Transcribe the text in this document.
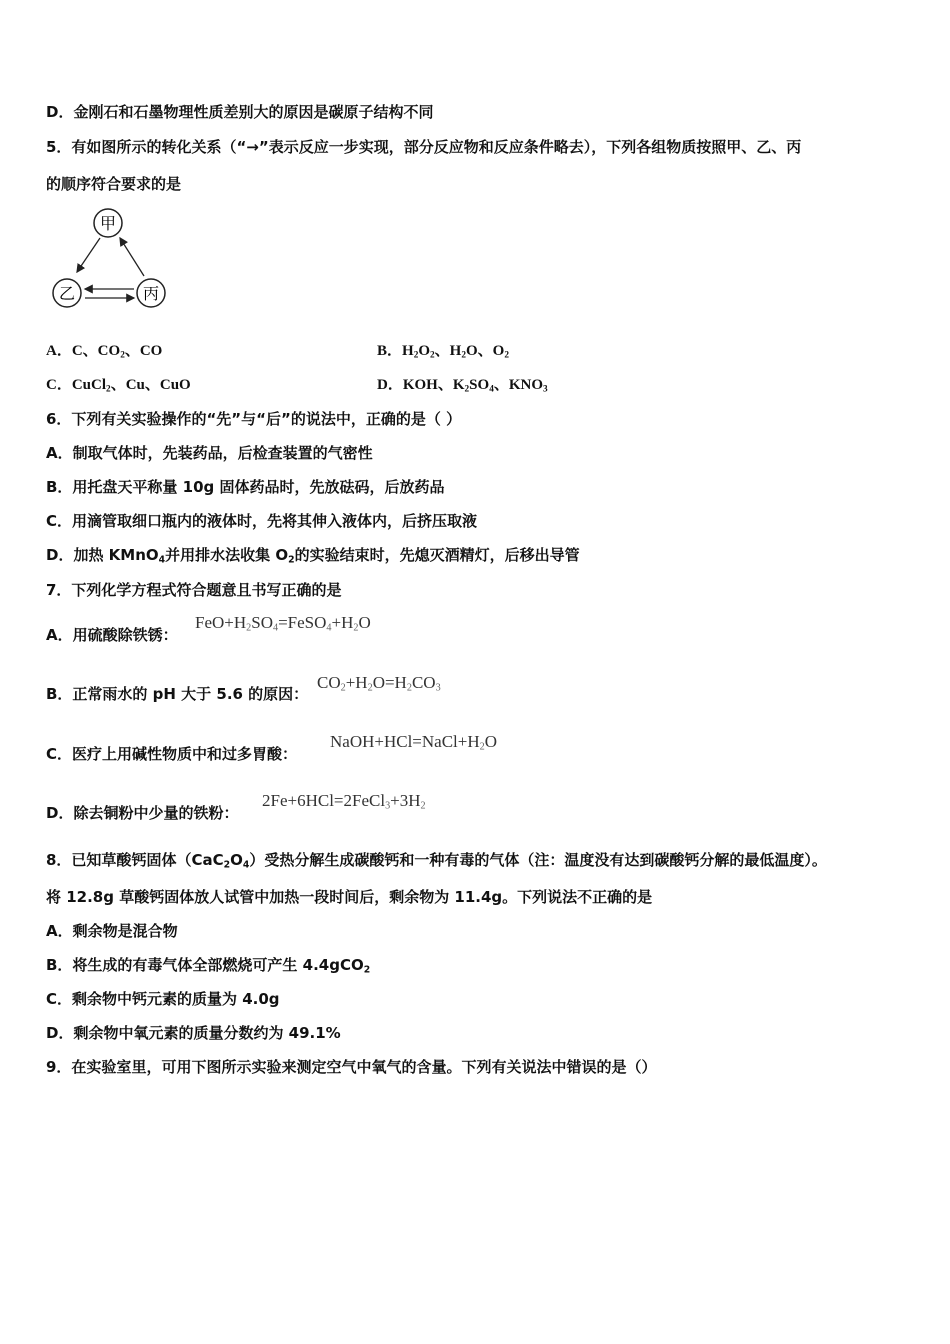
D．金刚石和石墨物理性质差别大的原因是碳原子结构不同
5．有如图所示的转化关系（“→”表示反应一步实现，部分反应物和反应条件略去），下列各组物质按照甲、乙、丙
的顺序符合要求的是
甲
乙	丙
A．C、$CO_2$、CO	B．$H_2O_2$、$H_2O$、$O_2$
C．CuCl$_2$、Cu、CuO	D．KOH、$K_2SO_4$、$KNO_3$
6．下列有关实验操作的“先”与“后”的说法中，正确的是（ ）
A．制取气体时，先装药品，后检查装置的气密性
B．用托盘天平称量 10g 固体药品时，先放砝码，后放药品
C．用滴管取细口瓶内的液体时，先将其伸入液体内，后挤压取液
D．加热 KMnO$_4$并用排水法收集 $O_2$的实验结束时，先熄灭酒精灯，后移出导管
7．下列化学方程式符合题意且书写正确的是
A．用硫酸除铁锈：
$FeO+H_2SO_4=FeSO_4+H_2O$
B．正常雨水的 pH 大于 5.6 的原因：
$CO_2+H_2O=H_2CO_3$
C．医疗上用碱性物质中和过多胃酸：
$NaOH+HCl=NaCl+H_2O$
D．除去铜粉中少量的铁粉：
$2Fe+6HCl=2FeCl_3+3H_2$
8．已知草酸钙固体$(CaC_2O_4)$受热分解生成碳酸钙和一种有毒的气体（注：温度没有达到碳酸钙分解的最低温度）。
将 12.8g 草酸钙固体放人试管中加热一段时间后，剩余物为 11.4g。下列说法不正确的是
A．剩余物是混合物
B．将生成的有毒气体全部燃烧可产生 4.4gCO$_2$
C．剩余物中钙元素的质量为 4.0g
D．剩余物中氧元素的质量分数约为 49.1%
9．在实验室里，可用下图所示实验来测定空气中氧气的含量。下列有关说法中错误的是（）
